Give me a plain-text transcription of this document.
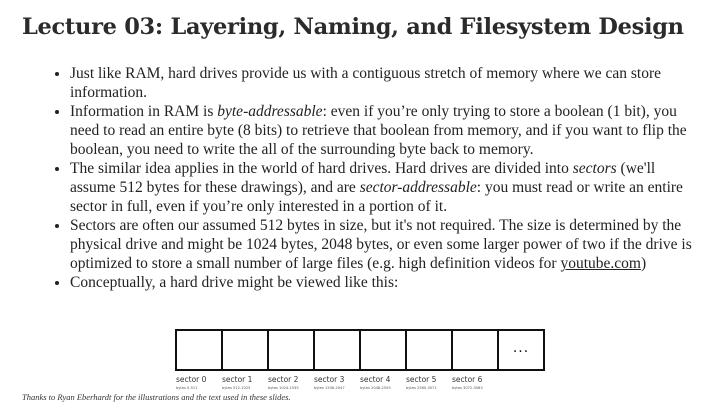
Lecture 03: Layering, Naming, and Filesystem Design
• Just like RAM, hard drives provide us with a contiguous stretch of memory where we can store information.
• Information in RAM is byte-addressable: even if you’re only trying to store a boolean (1 bit), you need to read an entire byte (8 bits) to retrieve that boolean from memory, and if you want to flip the boolean, you need to write the all of the surrounding byte back to memory.
• The similar idea applies in the world of hard drives. Hard drives are divided into sectors (we'll assume 512 bytes for these drawings), and are sector-addressable: you must read or write an entire sector in full, even if you’re only interested in a portion of it.
• Sectors are often our assumed 512 bytes in size, but it's not required. The size is determined by the physical drive and might be 1024 bytes, 2048 bytes, or even some larger power of two if the drive is optimized to store a small number of large files (e.g. high definition videos for youtube.com)
• Conceptually, a hard drive might be viewed like this:
...
sector 0
bytes 0-511
sector 1
bytes 512-1023
sector 2
bytes 1024-1535
sector 3
bytes 1536-2047
sector 4
bytes 2048-2559
sector 5
bytes 2560-3071
sector 6
bytes 3072-3583
Thanks to Ryan Eberhardt for the illustrations and the text used in these slides.
